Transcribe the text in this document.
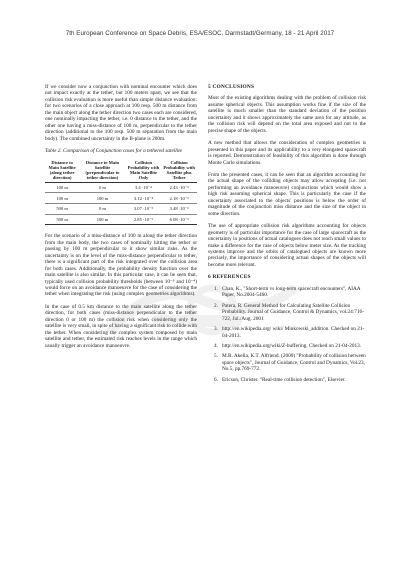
7th European Conference on Space Debris, ESA/ESOC, Darmstadt/Germany, 18 - 21 April 2017

If we consider now a conjunction with nominal encounter which does not impact exactly at the tether, but 100 meters apart, we see that the collision risk evaluation is more useful than simple distance evaluation: for two scenarios of a close approach at 100 resp. 500 m distance from the main object along the tether direction two cases each are considered, one nominally impacting the tether, i.e. 0 distance to the tether, and the other one having a miss-distance of 100 m, perpendicular to the tether direction (additional to the 100 resp. 500 m separation from the main body). The combined uncertainty in the B-plane is 200m.

Table 2. Comparison of Conjunction cases for a tethered satellite
Distance to Main Satellite (along tether direction)	Distance to Main Satellite (perpendicular to tether direction)	Collision Probability with Main Satellite Only	Collision Probability with Satellite plus Tether
100 m	0 m	3.4 ·10⁻⁴	2.43 ·10⁻³
100 m	100 m	3.12 ·10⁻⁴	2.18 ·10⁻³
500 m	0 m	3.07 ·10⁻⁵	3.48 ·10⁻³
500 m	100 m	2.85 ·10⁻⁵	6.08 ·10⁻³

For the scenario of a miss-distance of 100 m along the tether direction from the main body, the two cases of nominally hitting the tether or passing by 100 m perpendicular to it show similar risks. As the uncertainty is on the level of the miss-distance perpendicular to tether, there is a significant part of the risk integrated over the collision area for both cases. Additionally, the probability density function over the main satellite is also similar. In this particular case, it can be seen that, typically used collision probability thresholds (between 10⁻⁵ and 10⁻⁴) would force on an avoidance manoeuvre for the case of considering the tether when integrating the risk (using complex geometries algorithms).

In the case of 0.5 km distance to the main satellite along the tether direction, for both cases (miss-distance perpendicular to the tether direction 0 or 100 m) the collision risk when considering only the satellite is very small, in spite of having a significant risk to collide with the tether. When considering the complex system composed by main satellite and tether, the estimated risk reaches levels in the range which usually trigger an avoidance manoeuvre.

5 CONCLUSIONS

Most of the existing algorithms dealing with the problem of collision risk assume spherical objects. This assumption works fine if the size of the satellite is much smaller than the standard deviation of the position uncertainty and it shows approximately the same area for any attitude, as the collision risk will depend on the total area exposed and not to the precise shape of the objects.

A new method that allows the consideration of complex geometries is presented in this paper and its applicability to a very elongated spacecraft is reported. Demonstration of feasibility of this algorithm is done through Monte Carlo simulations.

From the presented cases, it can be seen that an algorithm accounting for the actual shape of the colliding objects may allow accepting (i.e. not performing an avoidance manoeuvre) conjunctions which would show a high risk assuming spherical shape. This is particularly the case if the uncertainty associated to the objects' positions is below the order of magnitude of the conjunction miss distance and the size of the object in some direction.

The use of appropriate collision risk algorithms accounting for objects geometry is of particular importance for the case of large spacecraft as the uncertainty in positions of actual catalogues does not reach small values to make a difference for the case of objects below meter size. As the tracking systems improve and the orbits of catalogued objects are known more precisely, the importance of considering actual shapes of the objects will become more relevant.

6 REFERENCES
1. Chan, K., "Short-term vs long-term spacecraft encounters", AIAA Paper, No.2004-5460.
2. Patera, R. General Method for Calculating Satellite Collision Probability. Journal of Guidance, Control & Dynamics, vol.24:716-722, Jul./Aug. 2001
3. http://en.wikipedia.org/ wiki/ Minkowski_addition. Checked on 21-04-2013.
4. http://en.wikipedia.org/wiki/Z-buffering. Checked on 21-04-2013.
5. M.R. Akella, K.T. Alfriend. (2000) "Probability of collision between space objects", Journal of Guidance, Control and Dynamics, Vol.23, No.5, pp.769-772.
6. Ericson, Christer. "Real-time collision detection", Elsevier.
